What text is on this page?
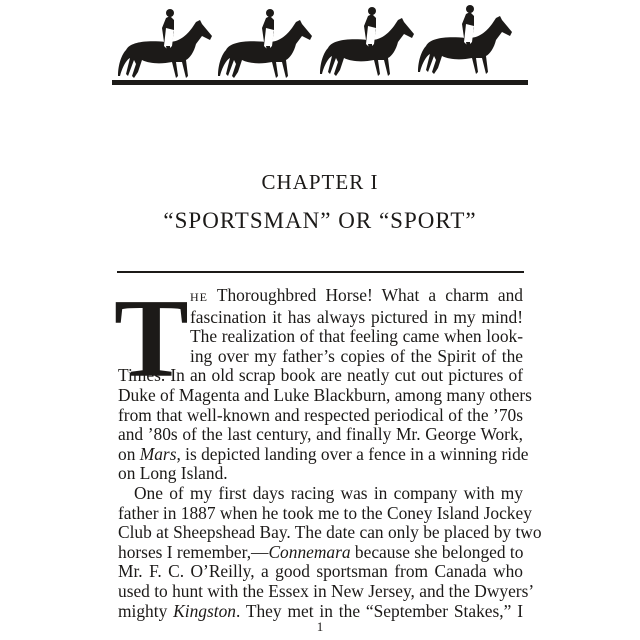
CHAPTER I
“SPORTSMAN” OR “SPORT”
T HE Thoroughbred Horse! What a charm and
fascination it has always pictured in my mind!
The realization of that feeling came when look-
ing over my father’s copies of the Spirit of the
Times. In an old scrap book are neatly cut out pictures of
Duke of Magenta and Luke Blackburn, among many others
from that well-known and respected periodical of the ’70s
and ’80s of the last century, and finally Mr. George Work,
on Mars, is depicted landing over a fence in a winning ride
on Long Island.
One of my first days racing was in company with my
father in 1887 when he took me to the Coney Island Jockey
Club at Sheepshead Bay. The date can only be placed by two
horses I remember,—Connemara because she belonged to
Mr. F. C. O’Reilly, a good sportsman from Canada who
used to hunt with the Essex in New Jersey, and the Dwyers’
mighty Kingston. They met in the “September Stakes,” I
1
